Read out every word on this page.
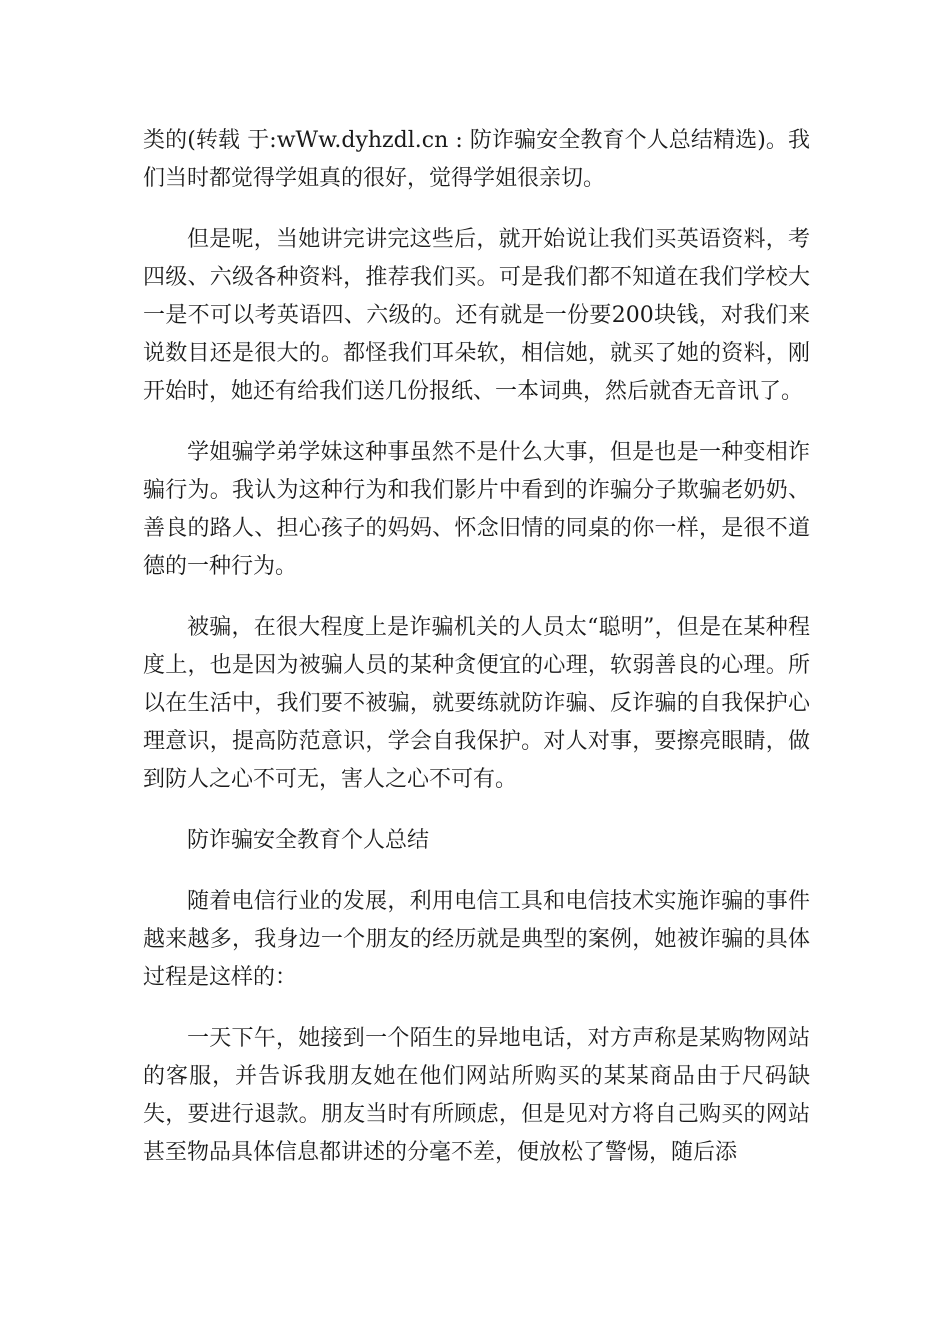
类的(转载 于:wWw.dyhzdl.cn : 防诈骗安全教育个人总结精选)。我们当时都觉得学姐真的很好，觉得学姐很亲切。

但是呢，当她讲完讲完这些后，就开始说让我们买英语资料，考四级、六级各种资料，推荐我们买。可是我们都不知道在我们学校大一是不可以考英语四、六级的。还有就是一份要200块钱，对我们来说数目还是很大的。都怪我们耳朵软，相信她，就买了她的资料，刚开始时，她还有给我们送几份报纸、一本词典，然后就杳无音讯了。

学姐骗学弟学妹这种事虽然不是什么大事，但是也是一种变相诈骗行为。我认为这种行为和我们影片中看到的诈骗分子欺骗老奶奶、善良的路人、担心孩子的妈妈、怀念旧情的同桌的你一样，是很不道德的一种行为。

被骗，在很大程度上是诈骗机关的人员太“聪明”，但是在某种程度上，也是因为被骗人员的某种贪便宜的心理，软弱善良的心理。所以在生活中，我们要不被骗，就要练就防诈骗、反诈骗的自我保护心理意识，提高防范意识，学会自我保护。对人对事，要擦亮眼睛，做到防人之心不可无，害人之心不可有。

防诈骗安全教育个人总结

随着电信行业的发展，利用电信工具和电信技术实施诈骗的事件越来越多，我身边一个朋友的经历就是典型的案例，她被诈骗的具体过程是这样的：

一天下午，她接到一个陌生的异地电话，对方声称是某购物网站的客服，并告诉我朋友她在他们网站所购买的某某商品由于尺码缺失，要进行退款。朋友当时有所顾虑，但是见对方将自己购买的网站甚至物品具体信息都讲述的分毫不差，便放松了警惕，随后添
